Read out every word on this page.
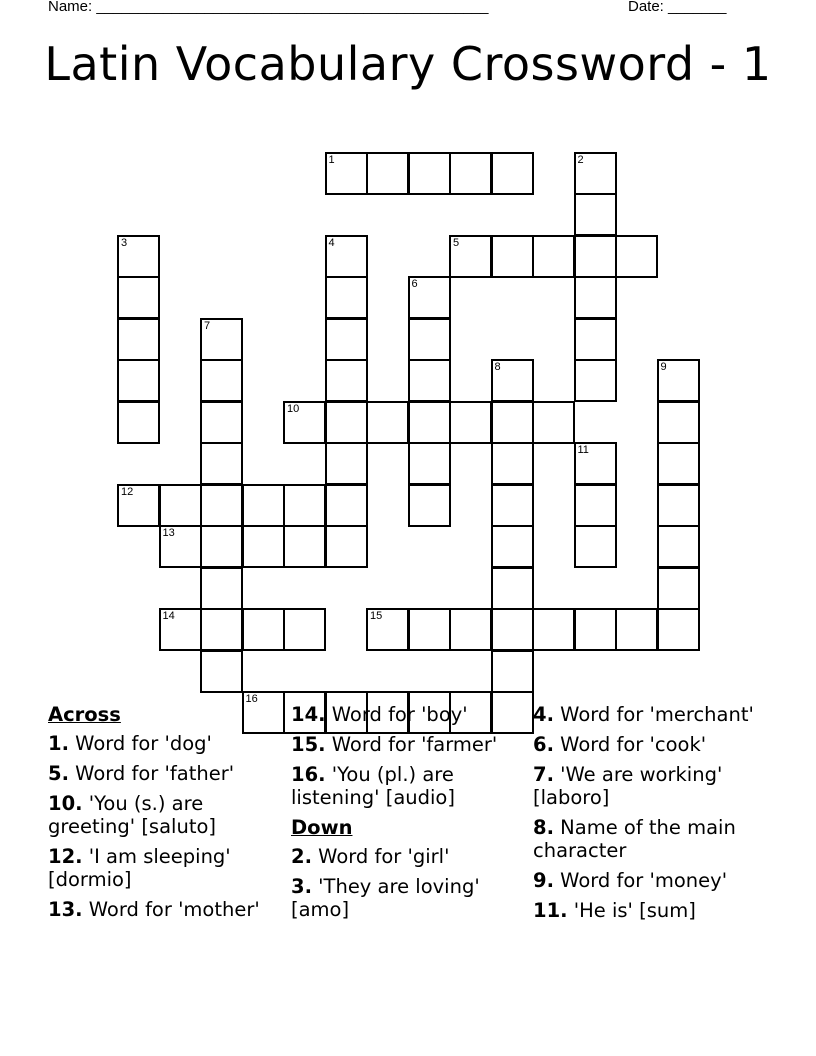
Name: _______________________________________________	Date: _______
Latin Vocabulary Crossword - 1
1	2
3	4	5
6
7
8	9
10
11
12
13
14	15
16
Across
1. Word for 'dog'
5. Word for 'father'
10. 'You (s.) are greeting' [saluto]
12. 'I am sleeping' [dormio]
13. Word for 'mother'
14. Word for 'boy'
15. Word for 'farmer'
16. 'You (pl.) are listening' [audio]
Down
2. Word for 'girl'
3. 'They are loving' [amo]
4. Word for 'merchant'
6. Word for 'cook'
7. 'We are working' [laboro]
8. Name of the main character
9. Word for 'money'
11. 'He is' [sum]
